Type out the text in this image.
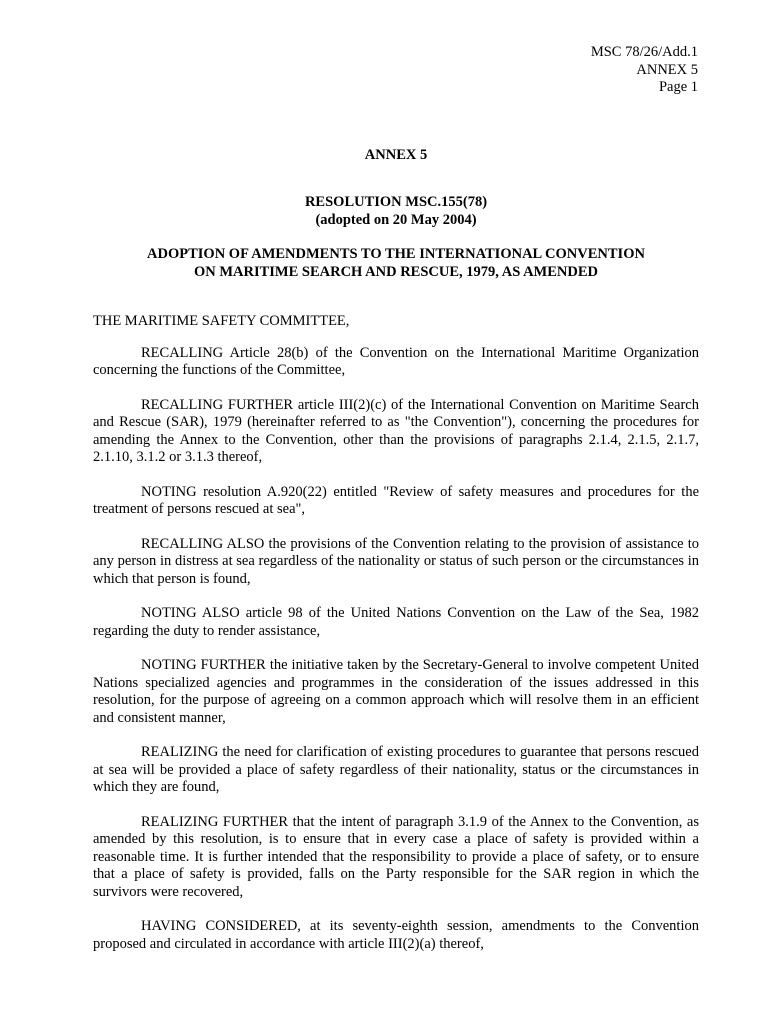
MSC 78/26/Add.1
ANNEX 5
Page 1
ANNEX 5
RESOLUTION MSC.155(78)
(adopted on 20 May 2004)
ADOPTION OF AMENDMENTS TO THE INTERNATIONAL CONVENTION
ON MARITIME SEARCH AND RESCUE, 1979, AS AMENDED

THE MARITIME SAFETY COMMITTEE,

RECALLING Article 28(b) of the Convention on the International Maritime Organization concerning the functions of the Committee,

RECALLING FURTHER article III(2)(c) of the International Convention on Maritime Search and Rescue (SAR), 1979 (hereinafter referred to as "the Convention"), concerning the procedures for amending the Annex to the Convention, other than the provisions of paragraphs 2.1.4, 2.1.5, 2.1.7, 2.1.10, 3.1.2 or 3.1.3 thereof,

NOTING resolution A.920(22) entitled "Review of safety measures and procedures for the treatment of persons rescued at sea",

RECALLING ALSO the provisions of the Convention relating to the provision of assistance to any person in distress at sea regardless of the nationality or status of such person or the circumstances in which that person is found,

NOTING ALSO article 98 of the United Nations Convention on the Law of the Sea, 1982 regarding the duty to render assistance,

NOTING FURTHER the initiative taken by the Secretary-General to involve competent United Nations specialized agencies and programmes in the consideration of the issues addressed in this resolution, for the purpose of agreeing on a common approach which will resolve them in an efficient and consistent manner,

REALIZING the need for clarification of existing procedures to guarantee that persons rescued at sea will be provided a place of safety regardless of their nationality, status or the circumstances in which they are found,

REALIZING FURTHER that the intent of paragraph 3.1.9 of the Annex to the Convention, as amended by this resolution, is to ensure that in every case a place of safety is provided within a reasonable time. It is further intended that the responsibility to provide a place of safety, or to ensure that a place of safety is provided, falls on the Party responsible for the SAR region in which the survivors were recovered,

HAVING CONSIDERED, at its seventy-eighth session, amendments to the Convention proposed and circulated in accordance with article III(2)(a) thereof,
